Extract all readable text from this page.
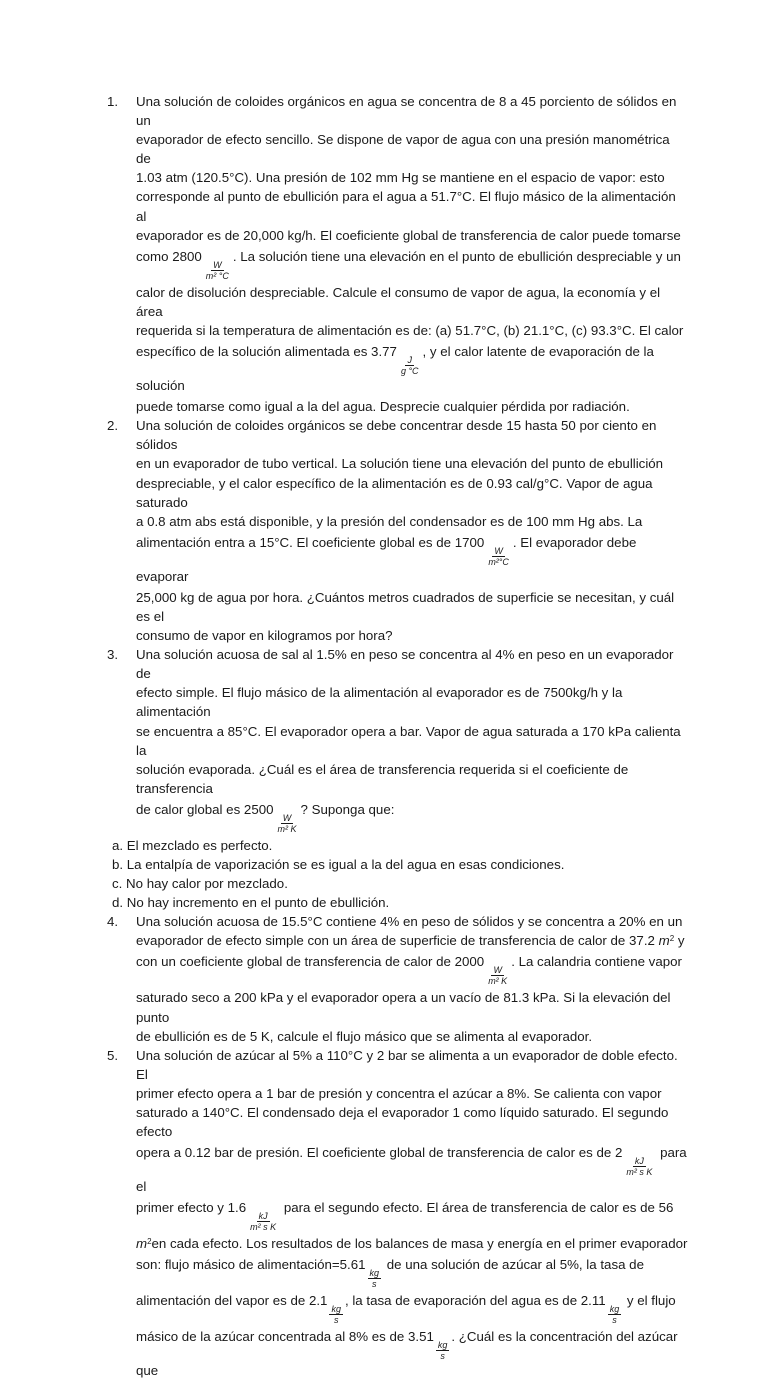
1. Una solución de coloides orgánicos en agua se concentra de 8 a 45 porciento de sólidos en un
evaporador de efecto sencillo. Se dispone de vapor de agua con una presión manométrica de
1.03 atm (120.5°C). Una presión de 102 mm Hg se mantiene en el espacio de vapor: esto
corresponde al punto de ebullición para el agua a 51.7°C. El flujo másico de la alimentación al
evaporador es de 20,000 kg/h. El coeficiente global de transferencia de calor puede tomarse
como 2800
$\frac{W}{\text{m² °C}}$
. La solución tiene una elevación en el punto de ebullición despreciable y un
calor de disolución despreciable. Calcule el consumo de vapor de agua, la economía y el área
requerida si la temperatura de alimentación es de: (a) 51.7°C, (b) 21.1°C, (c) 93.3°C. El calor
específico de la solución alimentada es 3.77
$\frac{J}{g ^\circ C}$
, y el calor latente de evaporación de la solución
puede tomarse como igual a la del agua. Desprecie cualquier pérdida por radiación.
2. Una solución de coloides orgánicos se debe concentrar desde 15 hasta 50 por ciento en sólidos
en un evaporador de tubo vertical. La solución tiene una elevación del punto de ebullición
despreciable, y el calor específico de la alimentación es de 0.93 cal/g°C. Vapor de agua saturado
a 0.8 atm abs está disponible, y la presión del condensador es de 100 mm Hg abs. La
alimentación entra a 15°C. El coeficiente global es de 1700
$\frac{W}{\text{m²°C}}$
. El evaporador debe evaporar
25,000 kg de agua por hora. ¿Cuántos metros cuadrados de superficie se necesitan, y cuál es el
consumo de vapor en kilogramos por hora?
3. Una solución acuosa de sal al 1.5% en peso se concentra al 4% en peso en un evaporador de
efecto simple. El flujo másico de la alimentación al evaporador es de 7500kg/h y la alimentación
se encuentra a 85°C. El evaporador opera a bar. Vapor de agua saturada a 170 kPa calienta la
solución evaporada. ¿Cuál es el área de transferencia requerida si el coeficiente de transferencia
de calor global es 2500
$\frac{W}{\text{m² K}}$
? Suponga que:
a. El mezclado es perfecto.
b. La entalpía de vaporización se es igual a la del agua en esas condiciones.
c. No hay calor por mezclado.
d. No hay incremento en el punto de ebullición.
4. Una solución acuosa de 15.5°C contiene 4% en peso de sólidos y se concentra a 20% en un
evaporador de efecto simple con un área de superficie de transferencia de calor de 37.2 $m^2$ y
con un coeficiente global de transferencia de calor de 2000
$\frac{W}{\text{m² K}}$
. La calandria contiene vapor
saturado seco a 200 kPa y el evaporador opera a un vacío de 81.3 kPa. Si la elevación del punto
de ebullición es de 5 K, calcule el flujo másico que se alimenta al evaporador.
5. Una solución de azúcar al 5% a 110°C y 2 bar se alimenta a un evaporador de doble efecto. El
primer efecto opera a 1 bar de presión y concentra el azúcar a 8%. Se calienta con vapor
saturado a 140°C. El condensado deja el evaporador 1 como líquido saturado. El segundo efecto
opera a 0.12 bar de presión. El coeficiente global de transferencia de calor es de 2
$\frac{kJ}{\text{m² s K}}$
para el
primer efecto y 1.6
$\frac{kJ}{\text{m² s K}}$
para el segundo efecto. El área de transferencia de calor es de 56
$m^2en$ cada efecto. Los resultados de los balances de masa y energía en el primer evaporador
son: flujo másico de alimentación=5.61
$\frac{kg}{s}$
de una solución de azúcar al 5%, la tasa de
alimentación del vapor es de 2.1
$\frac{kg}{s}$
, la tasa de evaporación del agua es de 2.11
$\frac{kg}{s}$
y el flujo
másico de la azúcar concentrada al 8% es de 3.51
$\frac{kg}{s}$
. ¿Cuál es la concentración del azúcar que
